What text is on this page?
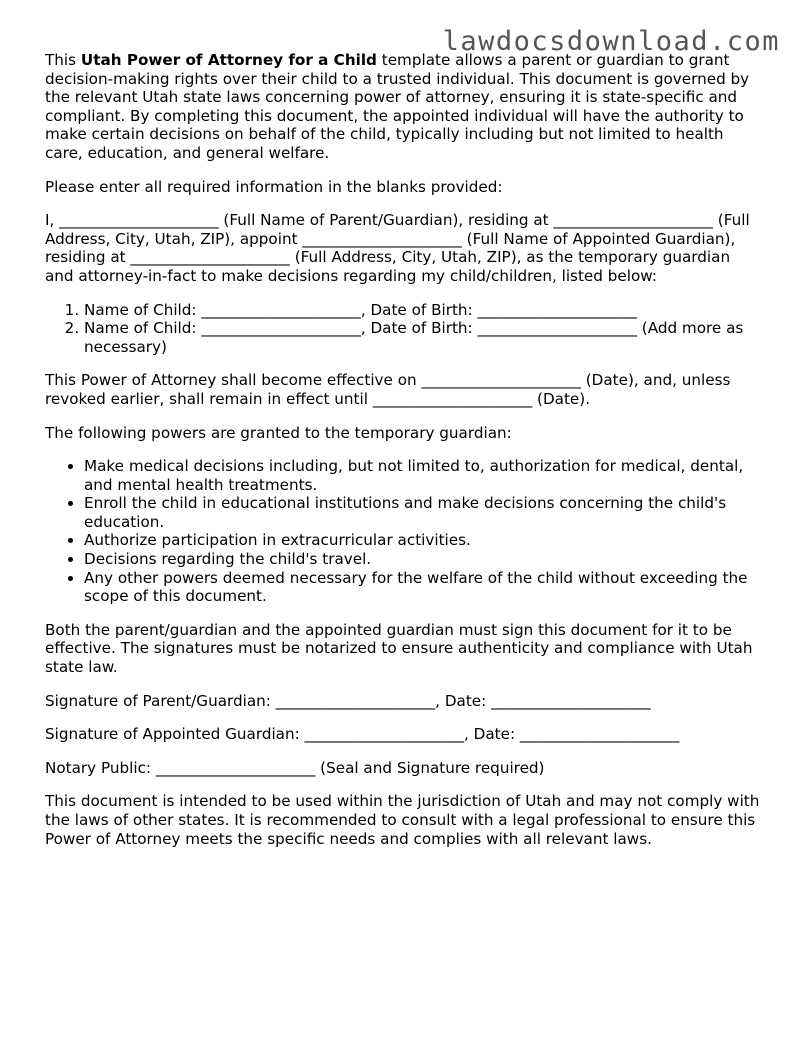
lawdocsdownload.com

This Utah Power of Attorney for a Child template allows a parent or guardian to grant decision-making rights over their child to a trusted individual. This document is governed by the relevant Utah state laws concerning power of attorney, ensuring it is state-specific and compliant. By completing this document, the appointed individual will have the authority to make certain decisions on behalf of the child, typically including but not limited to health care, education, and general welfare.

Please enter all required information in the blanks provided:

I, _____________________ (Full Name of Parent/Guardian), residing at _____________________ (Full Address, City, Utah, ZIP), appoint _____________________ (Full Name of Appointed Guardian), residing at _____________________ (Full Address, City, Utah, ZIP), as the temporary guardian and attorney-in-fact to make decisions regarding my child/children, listed below:

1. Name of Child: _____________________, Date of Birth: _____________________
2. Name of Child: _____________________, Date of Birth: _____________________ (Add more as necessary)

This Power of Attorney shall become effective on _____________________ (Date), and, unless revoked earlier, shall remain in effect until _____________________ (Date).

The following powers are granted to the temporary guardian:

• Make medical decisions including, but not limited to, authorization for medical, dental, and mental health treatments.
• Enroll the child in educational institutions and make decisions concerning the child's education.
• Authorize participation in extracurricular activities.
• Decisions regarding the child's travel.
• Any other powers deemed necessary for the welfare of the child without exceeding the scope of this document.

Both the parent/guardian and the appointed guardian must sign this document for it to be effective. The signatures must be notarized to ensure authenticity and compliance with Utah state law.

Signature of Parent/Guardian: _____________________, Date: _____________________

Signature of Appointed Guardian: _____________________, Date: _____________________

Notary Public: _____________________ (Seal and Signature required)

This document is intended to be used within the jurisdiction of Utah and may not comply with the laws of other states. It is recommended to consult with a legal professional to ensure this Power of Attorney meets the specific needs and complies with all relevant laws.
